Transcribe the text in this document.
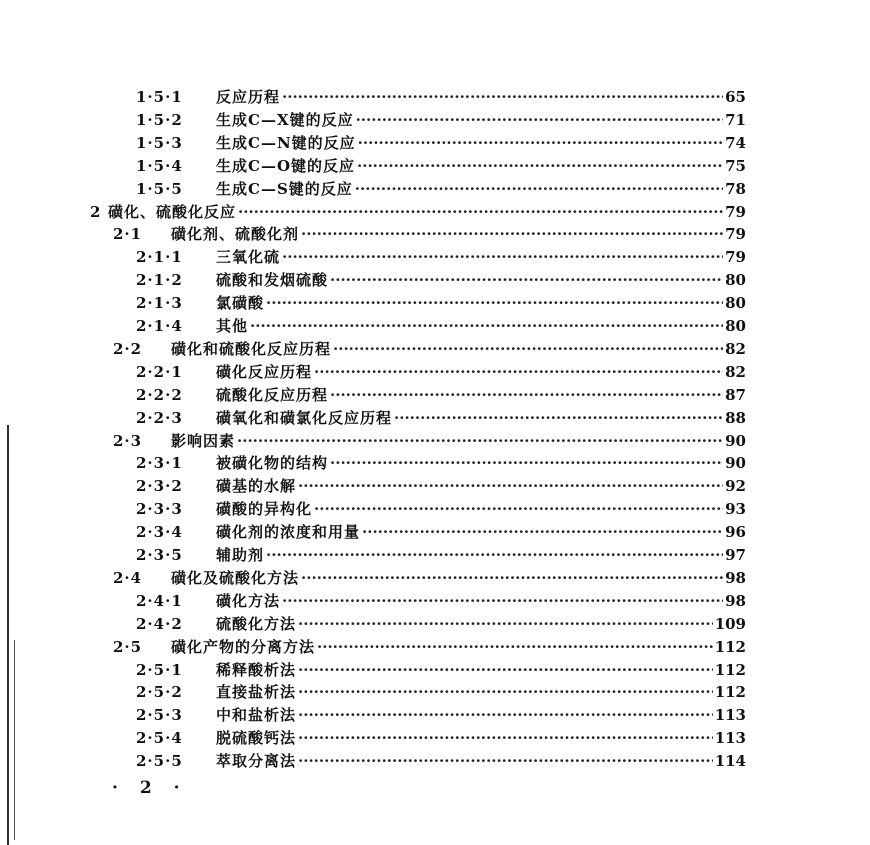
1·5·1	反应历程 ·····	65
1·5·2	生成C—X键的反应 ·····	71
1·5·3	生成C—N键的反应 ·····	74
1·5·4	生成C—O键的反应 ·····	75
1·5·5	生成C—S键的反应 ·····	78
2 磺化、硫酸化反应 ·····	79
2·1	磺化剂、硫酸化剂 ·····	79
2·1·1	三氧化硫 ·····	79
2·1·2	硫酸和发烟硫酸 ·····	80
2·1·3	氯磺酸 ·····	80
2·1·4	其他 ·····	80
2·2	磺化和硫酸化反应历程 ·····	82
2·2·1	磺化反应历程 ·····	82
2·2·2	硫酸化反应历程 ·····	87
2·2·3	磺氧化和磺氯化反应历程 ·····	88
2·3	影响因素 ·····	90
2·3·1	被磺化物的结构 ·····	90
2·3·2	磺基的水解 ·····	92
2·3·3	磺酸的异构化 ·····	93
2·3·4	磺化剂的浓度和用量 ·····	96
2·3·5	辅助剂 ·····	97
2·4	磺化及硫酸化方法 ·····	98
2·4·1	磺化方法 ·····	98
2·4·2	硫酸化方法 ·····	109
2·5	磺化产物的分离方法 ·····	112
2·5·1	稀释酸析法 ·····	112
2·5·2	直接盐析法 ·····	112
2·5·3	中和盐析法 ·····	113
2·5·4	脱硫酸钙法 ·····	113
2·5·5	萃取分离法 ·····	114
· 2 ·
